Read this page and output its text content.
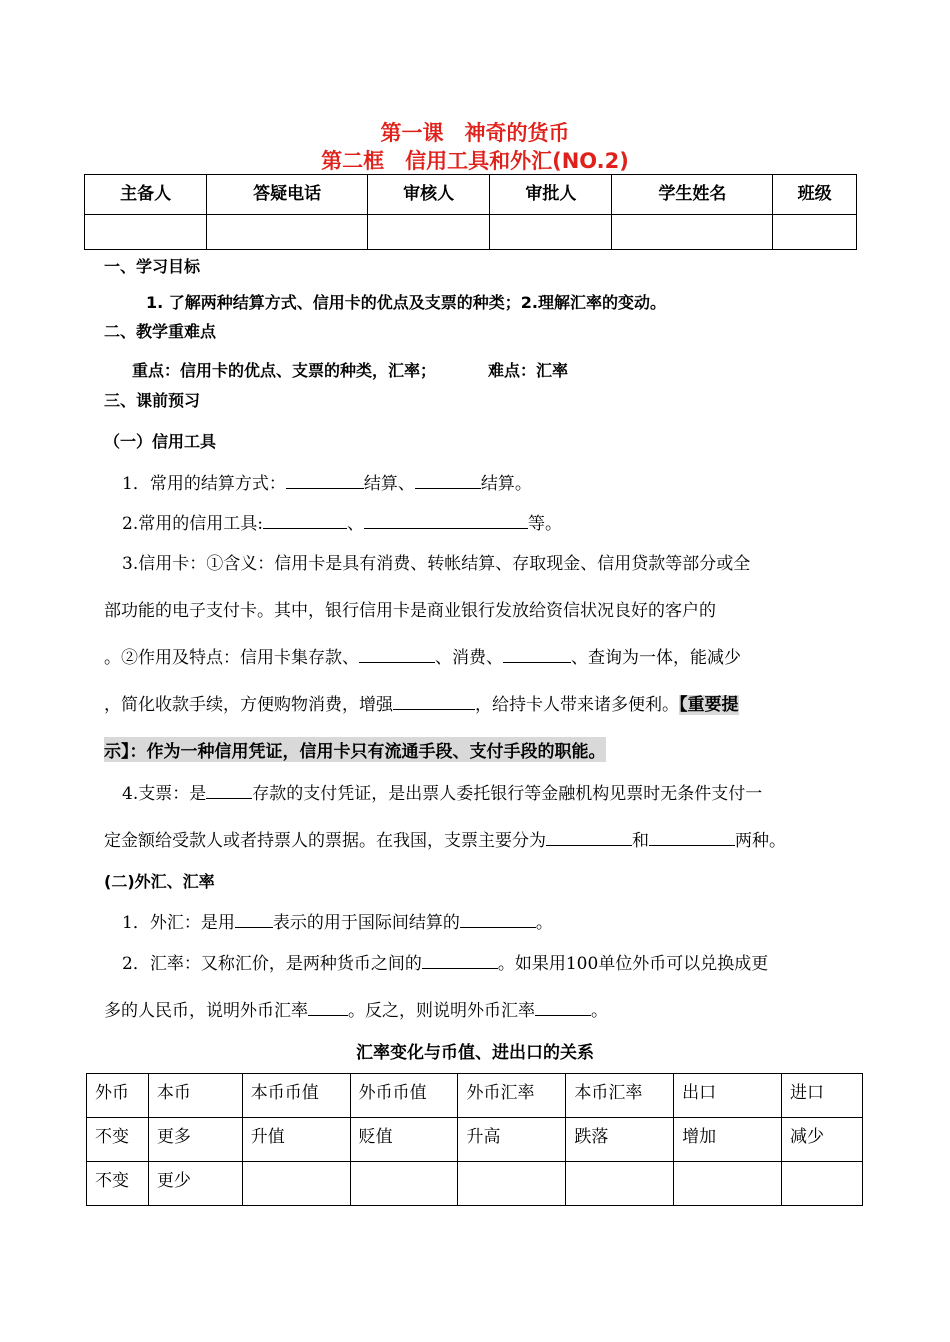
第一课　神奇的货币
第二框　信用工具和外汇(NO.2)
主备人	答疑电话	审核人	审批人	学生姓名	班级

一、学习目标
1. 了解两种结算方式、信用卡的优点及支票的种类；2.理解汇率的变动。
二、教学重难点
重点：信用卡的优点、支票的种类，汇率；	难点：汇率
三、课前预习
（一）信用工具
1．常用的结算方式：	结算、	结算。
2.常用的信用工具:	、	等。
3.信用卡：①含义：信用卡是具有消费、转帐结算、存取现金、信用贷款等部分或全
部功能的电子支付卡。其中，银行信用卡是商业银行发放给资信状况良好的客户的
。②作用及特点：信用卡集存款、	、消费、	、查询为一体，能减少
，简化收款手续，方便购物消费，增强	，给持卡人带来诸多便利。【重要提
示】：作为一种信用凭证，信用卡只有流通手段、支付手段的职能。
4.支票：是	存款的支付凭证，是出票人委托银行等金融机构见票时无条件支付一
定金额给受款人或者持票人的票据。在我国，支票主要分为	和	两种。
(二)外汇、汇率
1．外汇：是用 表示的用于国际间结算的	。
2．汇率：又称汇价，是两种货币之间的	。如果用100单位外币可以兑换成更
多的人民币，说明外币汇率 。反之，则说明外币汇率	。
汇率变化与币值、进出口的关系
外币	本币	本币币值	外币币值	外币汇率	本币汇率	出口	进口
不变	更多	升值	贬值	升高	跌落	增加	减少
不变	更少						
